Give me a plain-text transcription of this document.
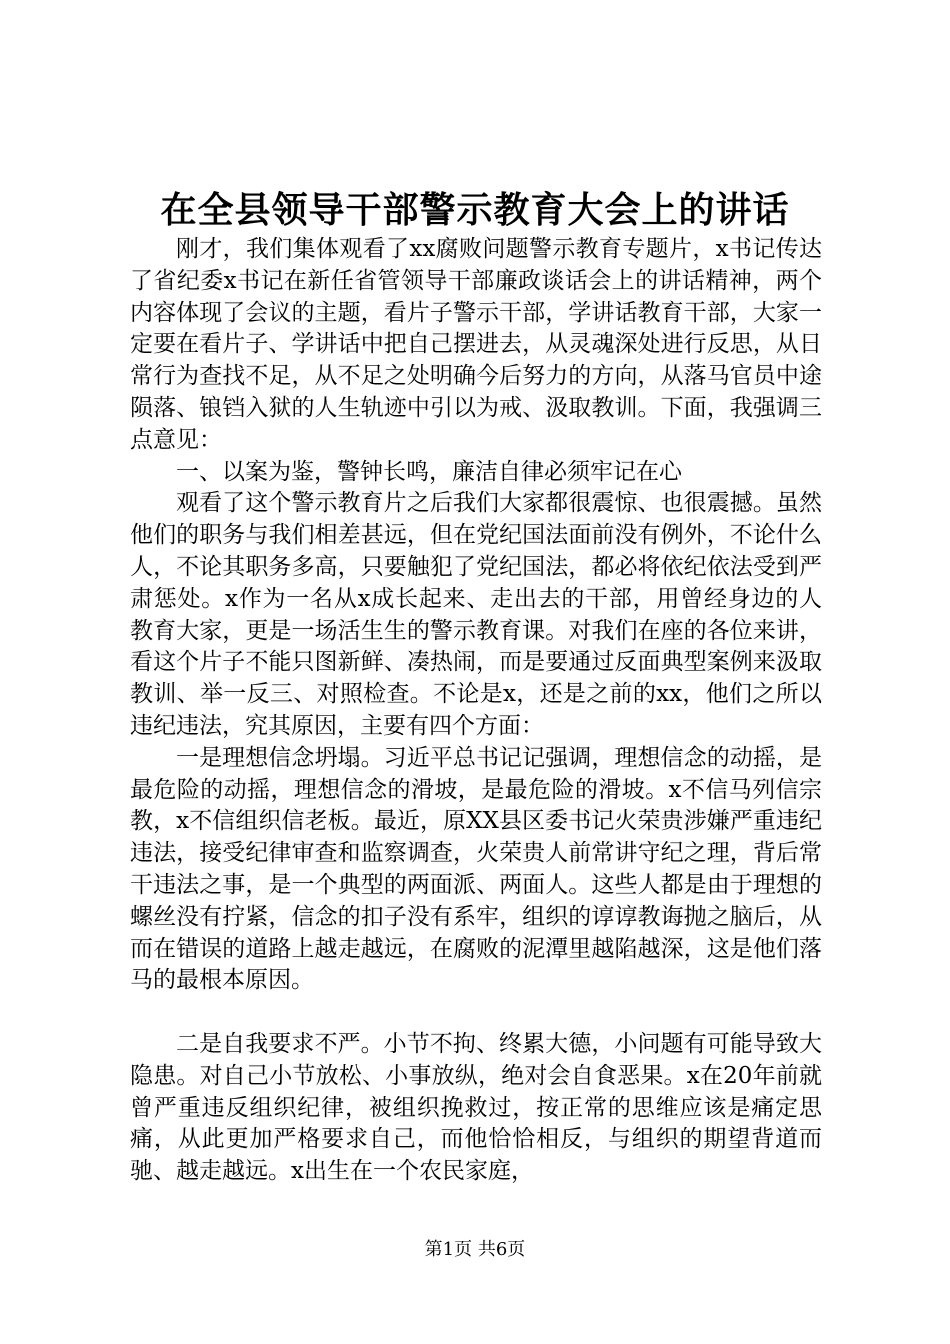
在全县领导干部警示教育大会上的讲话

刚才，我们集体观看了xx腐败问题警示教育专题片，x书记传达了省纪委x书记在新任省管领导干部廉政谈话会上的讲话精神，两个内容体现了会议的主题，看片子警示干部，学讲话教育干部，大家一定要在看片子、学讲话中把自己摆进去，从灵魂深处进行反思，从日常行为查找不足，从不足之处明确今后努力的方向，从落马官员中途陨落、锒铛入狱的人生轨迹中引以为戒、汲取教训。下面，我强调三点意见：

一、以案为鉴，警钟长鸣，廉洁自律必须牢记在心

观看了这个警示教育片之后我们大家都很震惊、也很震撼。虽然他们的职务与我们相差甚远，但在党纪国法面前没有例外，不论什么人，不论其职务多高，只要触犯了党纪国法，都必将依纪依法受到严肃惩处。x作为一名从x成长起来、走出去的干部，用曾经身边的人教育大家，更是一场活生生的警示教育课。对我们在座的各位来讲，看这个片子不能只图新鲜、凑热闹，而是要通过反面典型案例来汲取教训、举一反三、对照检查。不论是x，还是之前的xx，他们之所以违纪违法，究其原因，主要有四个方面：

一是理想信念坍塌。习近平总书记记强调，理想信念的动摇，是最危险的动摇，理想信念的滑坡，是最危险的滑坡。x不信马列信宗教，x不信组织信老板。最近，原XX县区委书记火荣贵涉嫌严重违纪违法，接受纪律审查和监察调查，火荣贵人前常讲守纪之理，背后常干违法之事，是一个典型的两面派、两面人。这些人都是由于理想的螺丝没有拧紧，信念的扣子没有系牢，组织的谆谆教诲抛之脑后，从而在错误的道路上越走越远，在腐败的泥潭里越陷越深，这是他们落马的最根本原因。

二是自我要求不严。小节不拘、终累大德，小问题有可能导致大隐患。对自己小节放松、小事放纵，绝对会自食恶果。x在20年前就曾严重违反组织纪律，被组织挽救过，按正常的思维应该是痛定思痛，从此更加严格要求自己，而他恰恰相反，与组织的期望背道而驰、越走越远。x出生在一个农民家庭，

第1页 共6页
